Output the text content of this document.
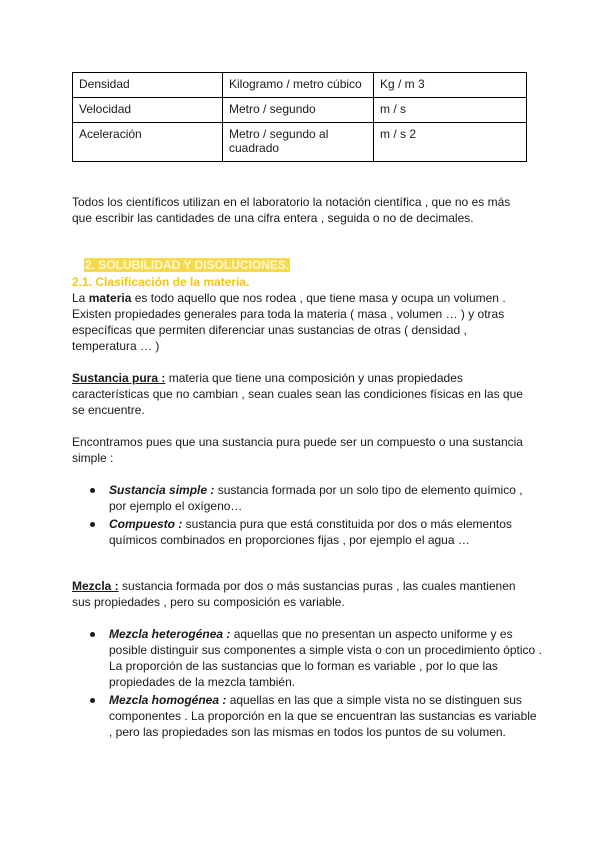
Densidad	Kilogramo / metro cúbico	Kg / m 3
Velocidad	Metro / segundo	m / s
Aceleración	Metro / segundo al cuadrado	m / s 2
Todos los científicos utilizan en el laboratorio la notación científica , que no es más que escribir las cantidades de una cifra entera , seguida o no de decimales.
2. SOLUBILIDAD Y DISOLUCIONES.
2.1. Clasificación de la materia.
La materia es todo aquello que nos rodea , que tiene masa y ocupa un volumen . Existen propiedades generales para toda la materia ( masa , volumen … ) y otras específicas que permiten diferenciar unas sustancias de otras ( densidad , temperatura … )
Sustancia pura : materia que tiene una composición y unas propiedades características que no cambian , sean cuales sean las condiciones físicas en las que se encuentre.
Encontramos pues que una sustancia pura puede ser un compuesto o una sustancia simple :
Sustancia simple : sustancia formada por un solo tipo de elemento químico , por ejemplo el oxígeno…
Compuesto : sustancia pura que está constituida por dos o más elementos químicos combinados en proporciones fijas , por ejemplo el agua …
Mezcla : sustancia formada por dos o más sustancias puras , las cuales mantienen sus propiedades , pero su composición es variable.
Mezcla heterogénea : aquellas que no presentan un aspecto uniforme y es posible distinguir sus componentes a simple vista o con un procedimiento óptico . La proporción de las sustancias que lo forman es variable , por lo que las propiedades de la mezcla también.
Mezcla homogénea : aquellas en las que a simple vista no se distinguen sus componentes . La proporción en la que se encuentran las sustancias es variable , pero las propiedades son las mismas en todos los puntos de su volumen.
